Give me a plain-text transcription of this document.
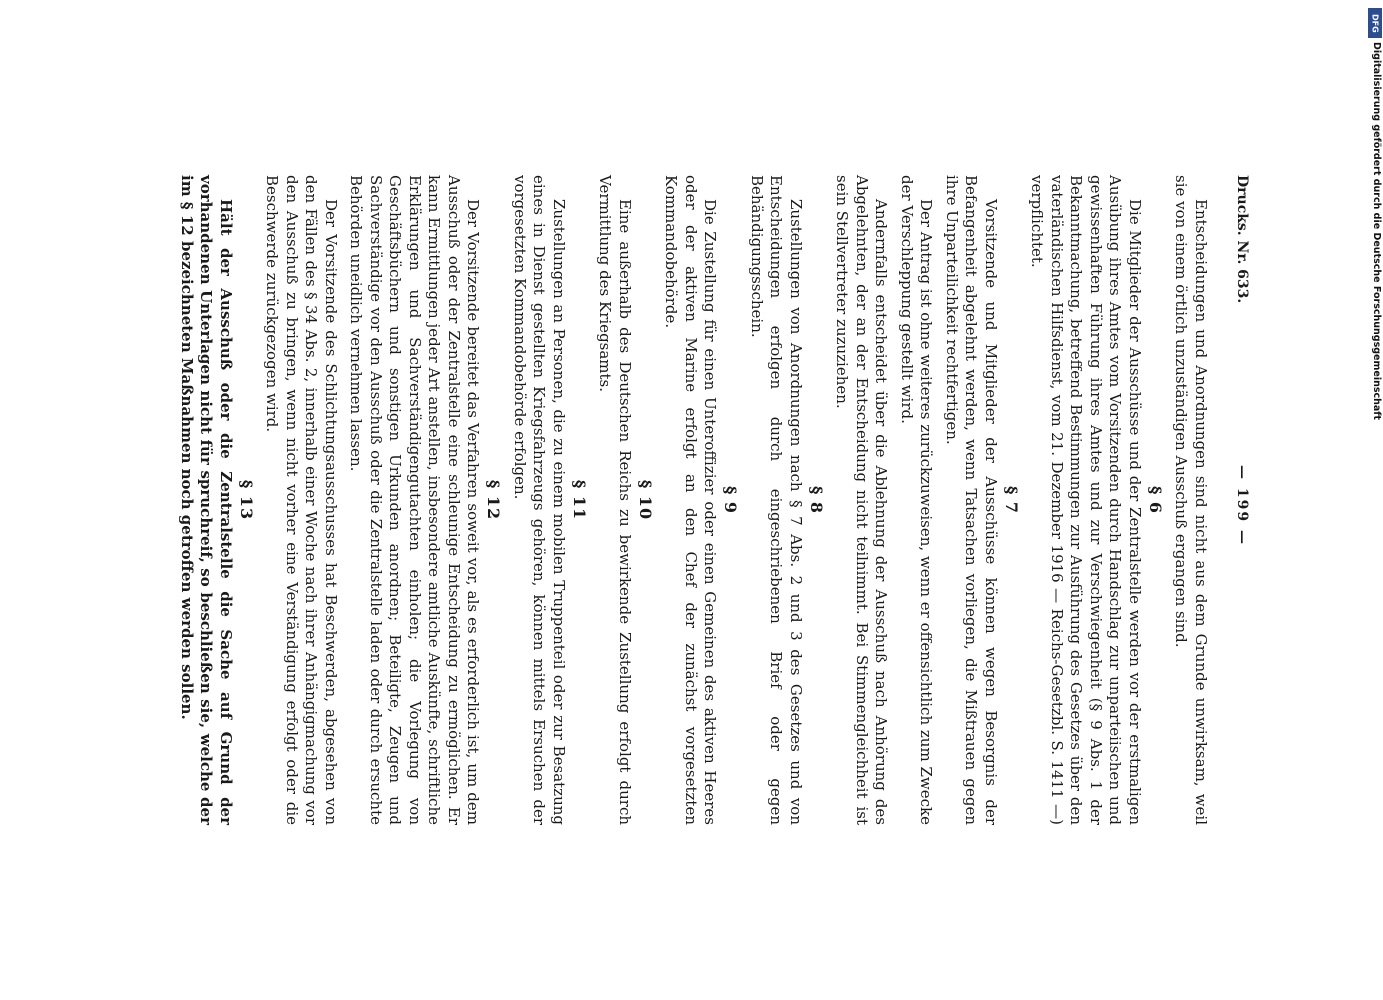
Drucks. Nr. 633.
— 199 —

Entscheidungen und Anordnungen sind nicht aus dem Grunde unwirksam, weil sie von einem örtlich unzuständigen Ausschuß ergangen sind.

§ 6

Die Mitglieder der Ausschüsse und der Zentralstelle werden vor der erstmaligen Ausübung ihres Amtes vom Vorsitzenden durch Handschlag zur unparteiischen und gewissenhaften Führung ihres Amtes und zur Verschwiegenheit (§ 9 Abs. 1 der Bekanntmachung, betreffend Bestimmungen zur Ausführung des Gesetzes über den vaterländischen Hilfsdienst, vom 21. Dezember 1916 — Reichs-Gesetzbl. S. 1411 —) verpflichtet.

§ 7

Vorsitzende und Mitglieder der Ausschüsse können wegen Besorgnis der Befangenheit abgelehnt werden, wenn Tatsachen vorliegen, die Mißtrauen gegen ihre Unparteilichkeit rechtfertigen.

Der Antrag ist ohne weiteres zurückzuweisen, wenn er offensichtlich zum Zwecke der Verschleppung gestellt wird.

Andernfalls entscheidet über die Ablehnung der Ausschuß nach Anhörung des Abgelehnten, der an der Entscheidung nicht teilnimmt. Bei Stimmengleichheit ist sein Stellvertreter zuzuziehen.

§ 8

Zustellungen von Anordnungen nach § 7 Abs. 2 und 3 des Gesetzes und von Entscheidungen erfolgen durch eingeschriebenen Brief oder gegen Behändigungsschein.

§ 9

Die Zustellung für einen Unteroffizier oder einen Gemeinen des aktiven Heeres oder der aktiven Marine erfolgt an den Chef der zunächst vorgesetzten Kommandobehörde.

§ 10

Eine außerhalb des Deutschen Reichs zu bewirkende Zustellung erfolgt durch Vermittlung des Kriegsamts.

§ 11

Zustellungen an Personen, die zu einem mobilen Truppenteil oder zur Besatzung eines in Dienst gestellten Kriegsfahrzeugs gehören, können mittels Ersuchen der vorgesetzten Kommandobehörde erfolgen.

§ 12

Der Vorsitzende bereitet das Verfahren soweit vor, als es erforderlich ist, um dem Ausschuß oder der Zentralstelle eine schleunige Entscheidung zu ermöglichen. Er kann Ermittlungen jeder Art anstellen, insbesondere amtliche Auskünfte, schriftliche Erklärungen und Sachverständigengutachten einholen; die Vorlegung von Geschäftsbüchern und sonstigen Urkunden anordnen; Beteiligte, Zeugen und Sachverständige vor den Ausschuß oder die Zentralstelle laden oder durch ersuchte Behörden uneidlich vernehmen lassen.

Der Vorsitzende des Schlichtungsausschusses hat Beschwerden, abgesehen von den Fällen des § 34 Abs. 2, innerhalb einer Woche nach ihrer Anhängigmachung vor den Ausschuß zu bringen, wenn nicht vorher eine Verständigung erfolgt oder die Beschwerde zurückgezogen wird.

§ 13

Hält der Ausschuß oder die Zentralstelle die Sache auf Grund der vorhandenen Unterlagen nicht für spruchreif, so beschließen sie, welche der im § 12 bezeichneten Maßnahmen noch getroffen werden sollen.

DFG
Digitalisierung gefördert durch die Deutsche Forschungsgemeinschaft
